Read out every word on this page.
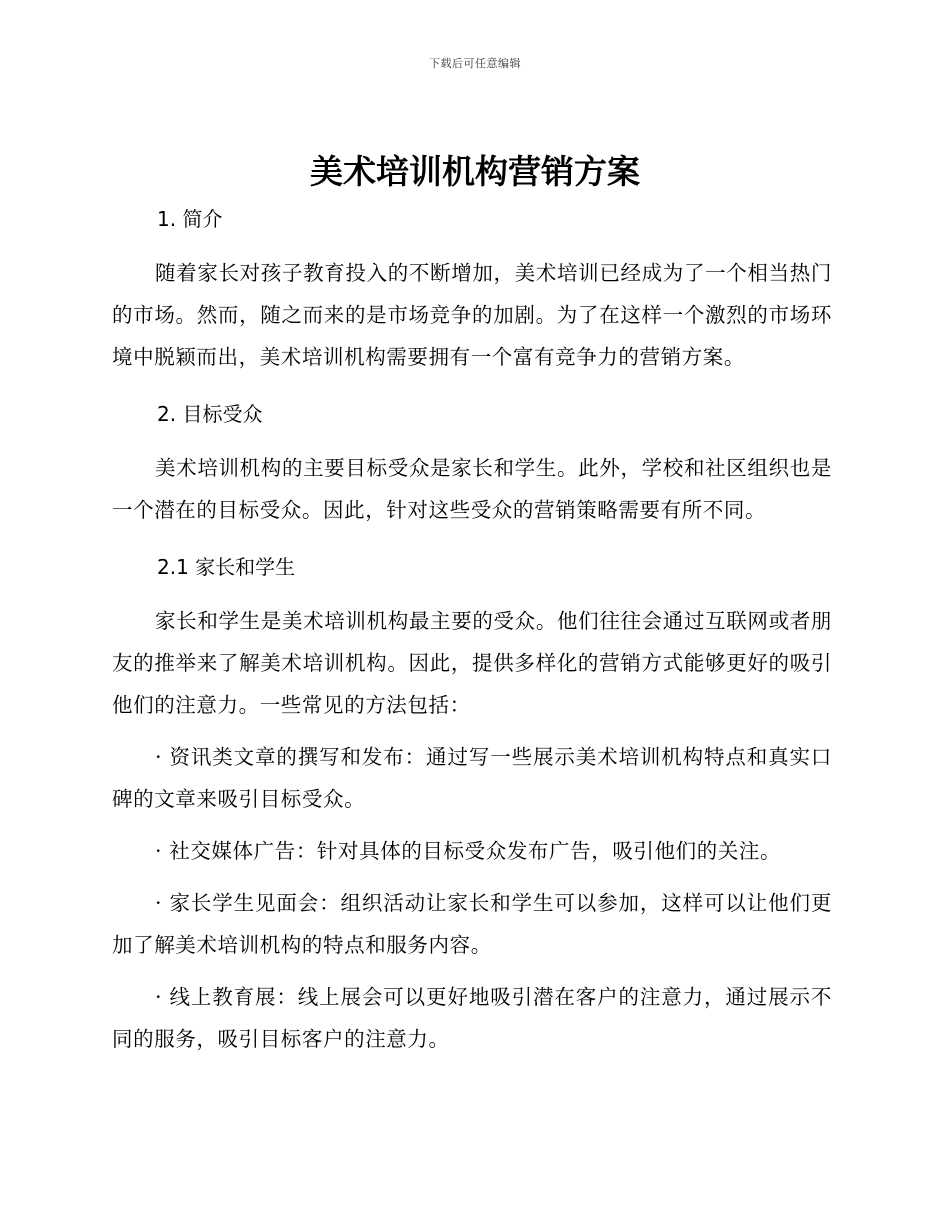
下载后可任意编辑
美术培训机构营销方案
1. 简介

随着家长对孩子教育投入的不断增加，美术培训已经成为了一个相当热门的市场。然而，随之而来的是市场竞争的加剧。为了在这样一个激烈的市场环境中脱颖而出，美术培训机构需要拥有一个富有竞争力的营销方案。

2. 目标受众

美术培训机构的主要目标受众是家长和学生。此外，学校和社区组织也是一个潜在的目标受众。因此，针对这些受众的营销策略需要有所不同。

2.1 家长和学生

家长和学生是美术培训机构最主要的受众。他们往往会通过互联网或者朋友的推举来了解美术培训机构。因此，提供多样化的营销方式能够更好的吸引他们的注意力。一些常见的方法包括：

· 资讯类文章的撰写和发布：通过写一些展示美术培训机构特点和真实口碑的文章来吸引目标受众。

· 社交媒体广告：针对具体的目标受众发布广告，吸引他们的关注。

· 家长学生见面会：组织活动让家长和学生可以参加，这样可以让他们更加了解美术培训机构的特点和服务内容。

· 线上教育展：线上展会可以更好地吸引潜在客户的注意力，通过展示不同的服务，吸引目标客户的注意力。
